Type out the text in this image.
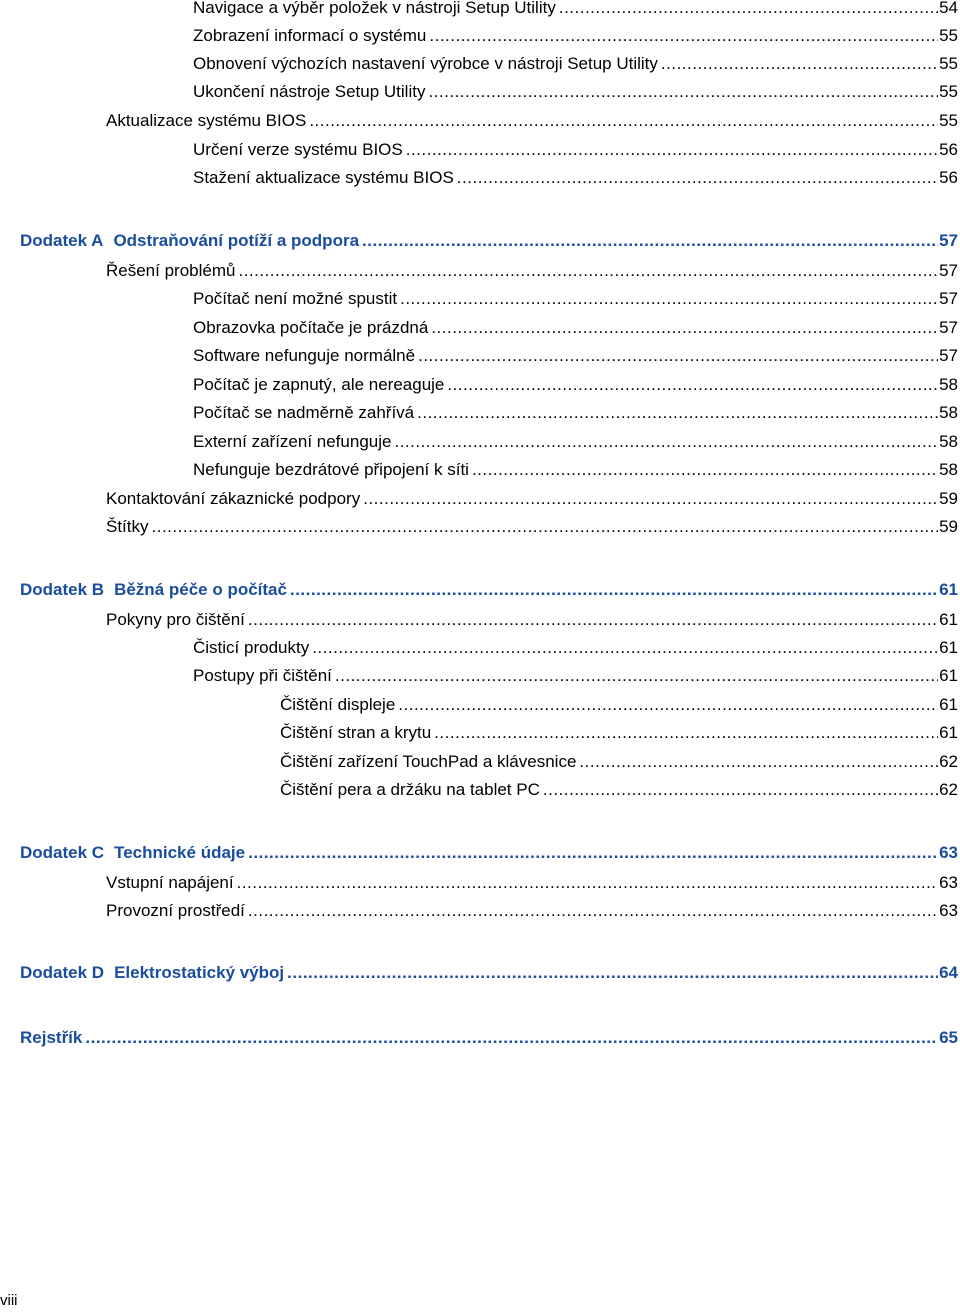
Navigace a výběr položek v nástroji Setup Utility .....	54
Zobrazení informací o systému .....	55
Obnovení výchozích nastavení výrobce v nástroji Setup Utility .....	55
Ukončení nástroje Setup Utility .....	55
Aktualizace systému BIOS .....	55
Určení verze systému BIOS .....	56
Stažení aktualizace systému BIOS .....	56
Dodatek A Odstraňování potíží a podpora .....	57
Řešení problémů .....	57
Počítač není možné spustit .....	57
Obrazovka počítače je prázdná .....	57
Software nefunguje normálně .....	57
Počítač je zapnutý, ale nereaguje .....	58
Počítač se nadměrně zahřívá .....	58
Externí zařízení nefunguje .....	58
Nefunguje bezdrátové připojení k síti .....	58
Kontaktování zákaznické podpory .....	59
Štítky .....	59
Dodatek B Běžná péče o počítač .....	61
Pokyny pro čištění .....	61
Čisticí produkty .....	61
Postupy při čištění .....	61
Čištění displeje .....	61
Čištění stran a krytu .....	61
Čištění zařízení TouchPad a klávesnice .....	62
Čištění pera a držáku na tablet PC .....	62
Dodatek C Technické údaje .....	63
Vstupní napájení .....	63
Provozní prostředí .....	63
Dodatek D Elektrostatický výboj .....	64
Rejstřík .....	65
viii
